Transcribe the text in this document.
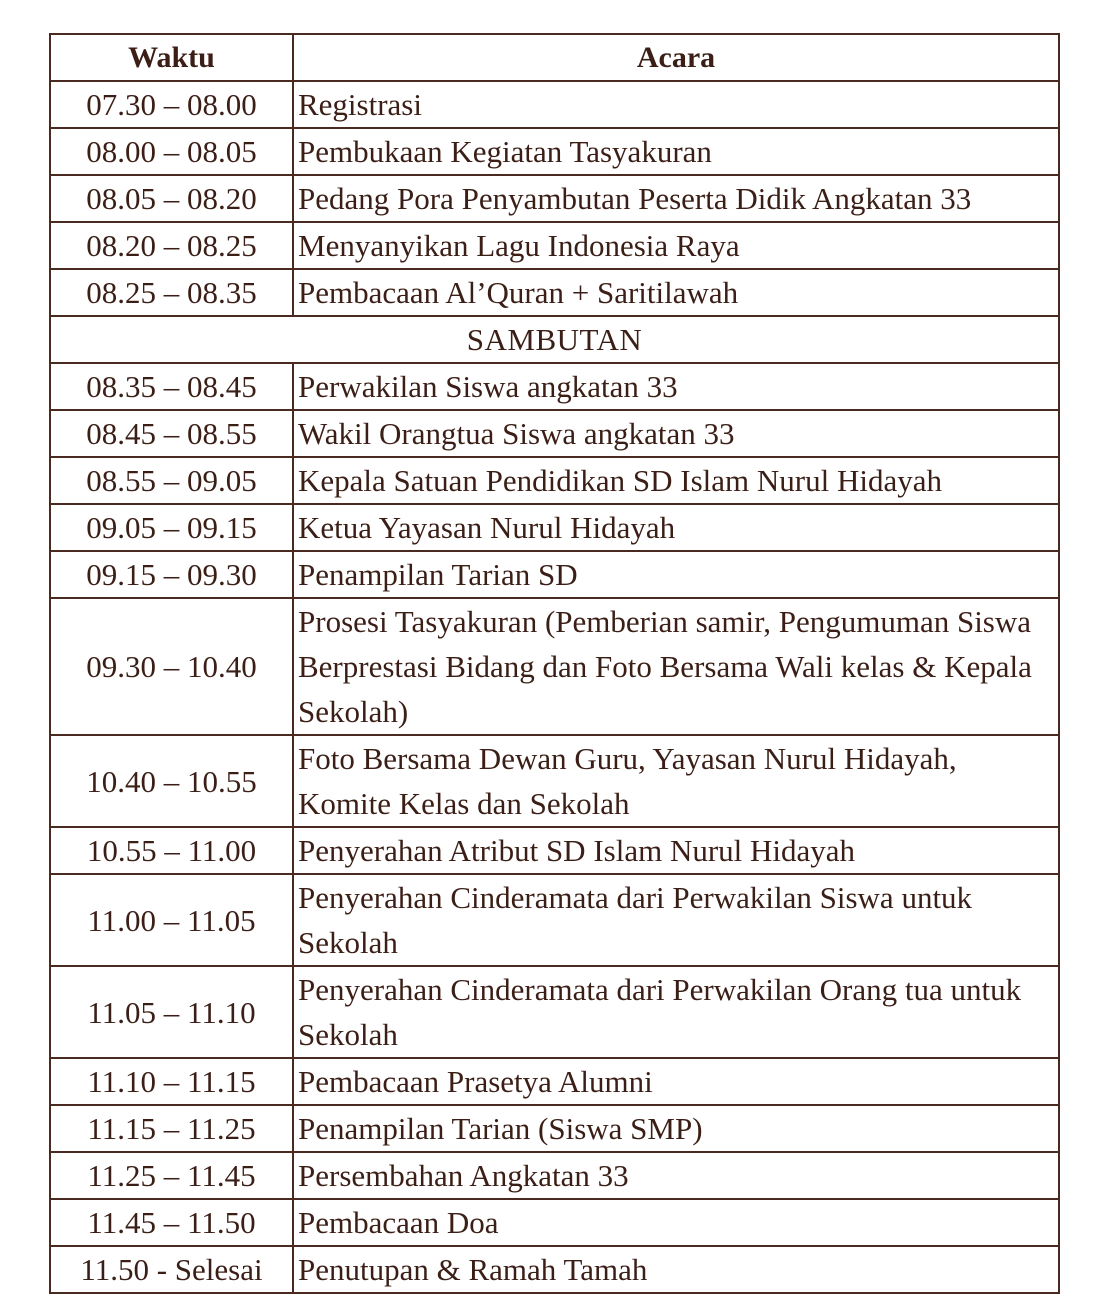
Waktu	Acara
07.30 – 08.00	Registrasi
08.00 – 08.05	Pembukaan Kegiatan Tasyakuran
08.05 – 08.20	Pedang Pora Penyambutan Peserta Didik Angkatan 33
08.20 – 08.25	Menyanyikan Lagu Indonesia Raya
08.25 – 08.35	Pembacaan Al’Quran + Saritilawah
SAMBUTAN	
08.35 – 08.45	Perwakilan Siswa angkatan 33
08.45 – 08.55	Wakil Orangtua Siswa angkatan 33
08.55 – 09.05	Kepala Satuan Pendidikan SD Islam Nurul Hidayah
09.05 – 09.15	Ketua Yayasan Nurul Hidayah
09.15 – 09.30	Penampilan Tarian SD
09.30 – 10.40	Prosesi Tasyakuran (Pemberian samir, Pengumuman Siswa Berprestasi Bidang dan Foto Bersama Wali kelas & Kepala Sekolah)
10.40 – 10.55	Foto Bersama Dewan Guru, Yayasan Nurul Hidayah, Komite Kelas dan Sekolah
10.55 – 11.00	Penyerahan Atribut SD Islam Nurul Hidayah
11.00 – 11.05	Penyerahan Cinderamata dari Perwakilan Siswa untuk Sekolah
11.05 – 11.10	Penyerahan Cinderamata dari Perwakilan Orang tua untuk Sekolah
11.10 – 11.15	Pembacaan Prasetya Alumni
11.15 – 11.25	Penampilan Tarian (Siswa SMP)
11.25 – 11.45	Persembahan Angkatan 33
11.45 – 11.50	Pembacaan Doa
11.50 - Selesai	Penutupan & Ramah Tamah
